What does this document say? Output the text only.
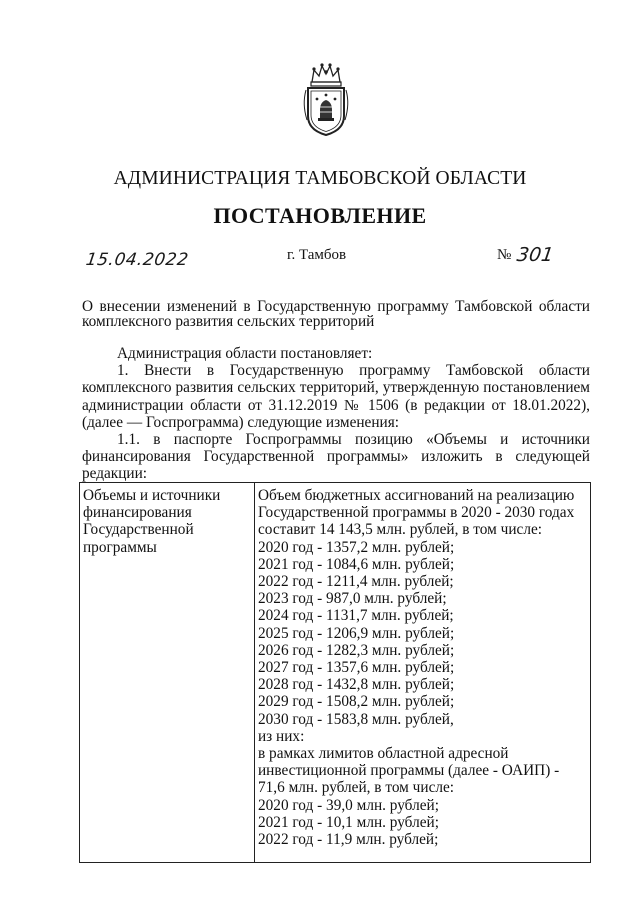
АДМИНИСТРАЦИЯ ТАМБОВСКОЙ ОБЛАСТИ
ПОСТАНОВЛЕНИЕ
15.04.2022	г. Тамбов	№ 301
О внесении изменений в Государственную программу Тамбовской области
комплексного развития сельских территорий
Администрация области постановляет:
1. Внести в Государственную программу Тамбовской области
комплексного развития сельских территорий, утвержденную постановлением
администрации области от 31.12.2019 № 1506 (в редакции от 18.01.2022),
(далее — Госпрограмма) следующие изменения:
1.1. в паспорте Госпрограммы позицию «Объемы и источники
финансирования Государственной программы» изложить в следующей
редакции:
Объемы и источники
финансирования
Государственной
программы

Объем бюджетных ассигнований на реализацию
Государственной программы в 2020 - 2030 годах
составит 14 143,5 млн. рублей, в том числе:
2020 год - 1357,2 млн. рублей;
2021 год - 1084,6 млн. рублей;
2022 год - 1211,4 млн. рублей;
2023 год - 987,0 млн. рублей;
2024 год - 1131,7 млн. рублей;
2025 год - 1206,9 млн. рублей;
2026 год - 1282,3 млн. рублей;
2027 год - 1357,6 млн. рублей;
2028 год - 1432,8 млн. рублей;
2029 год - 1508,2 млн. рублей;
2030 год - 1583,8 млн. рублей,
из них:
в рамках лимитов областной адресной
инвестиционной программы (далее - ОАИП) -
71,6 млн. рублей, в том числе:
2020 год - 39,0 млн. рублей;
2021 год - 10,1 млн. рублей;
2022 год - 11,9 млн. рублей;
